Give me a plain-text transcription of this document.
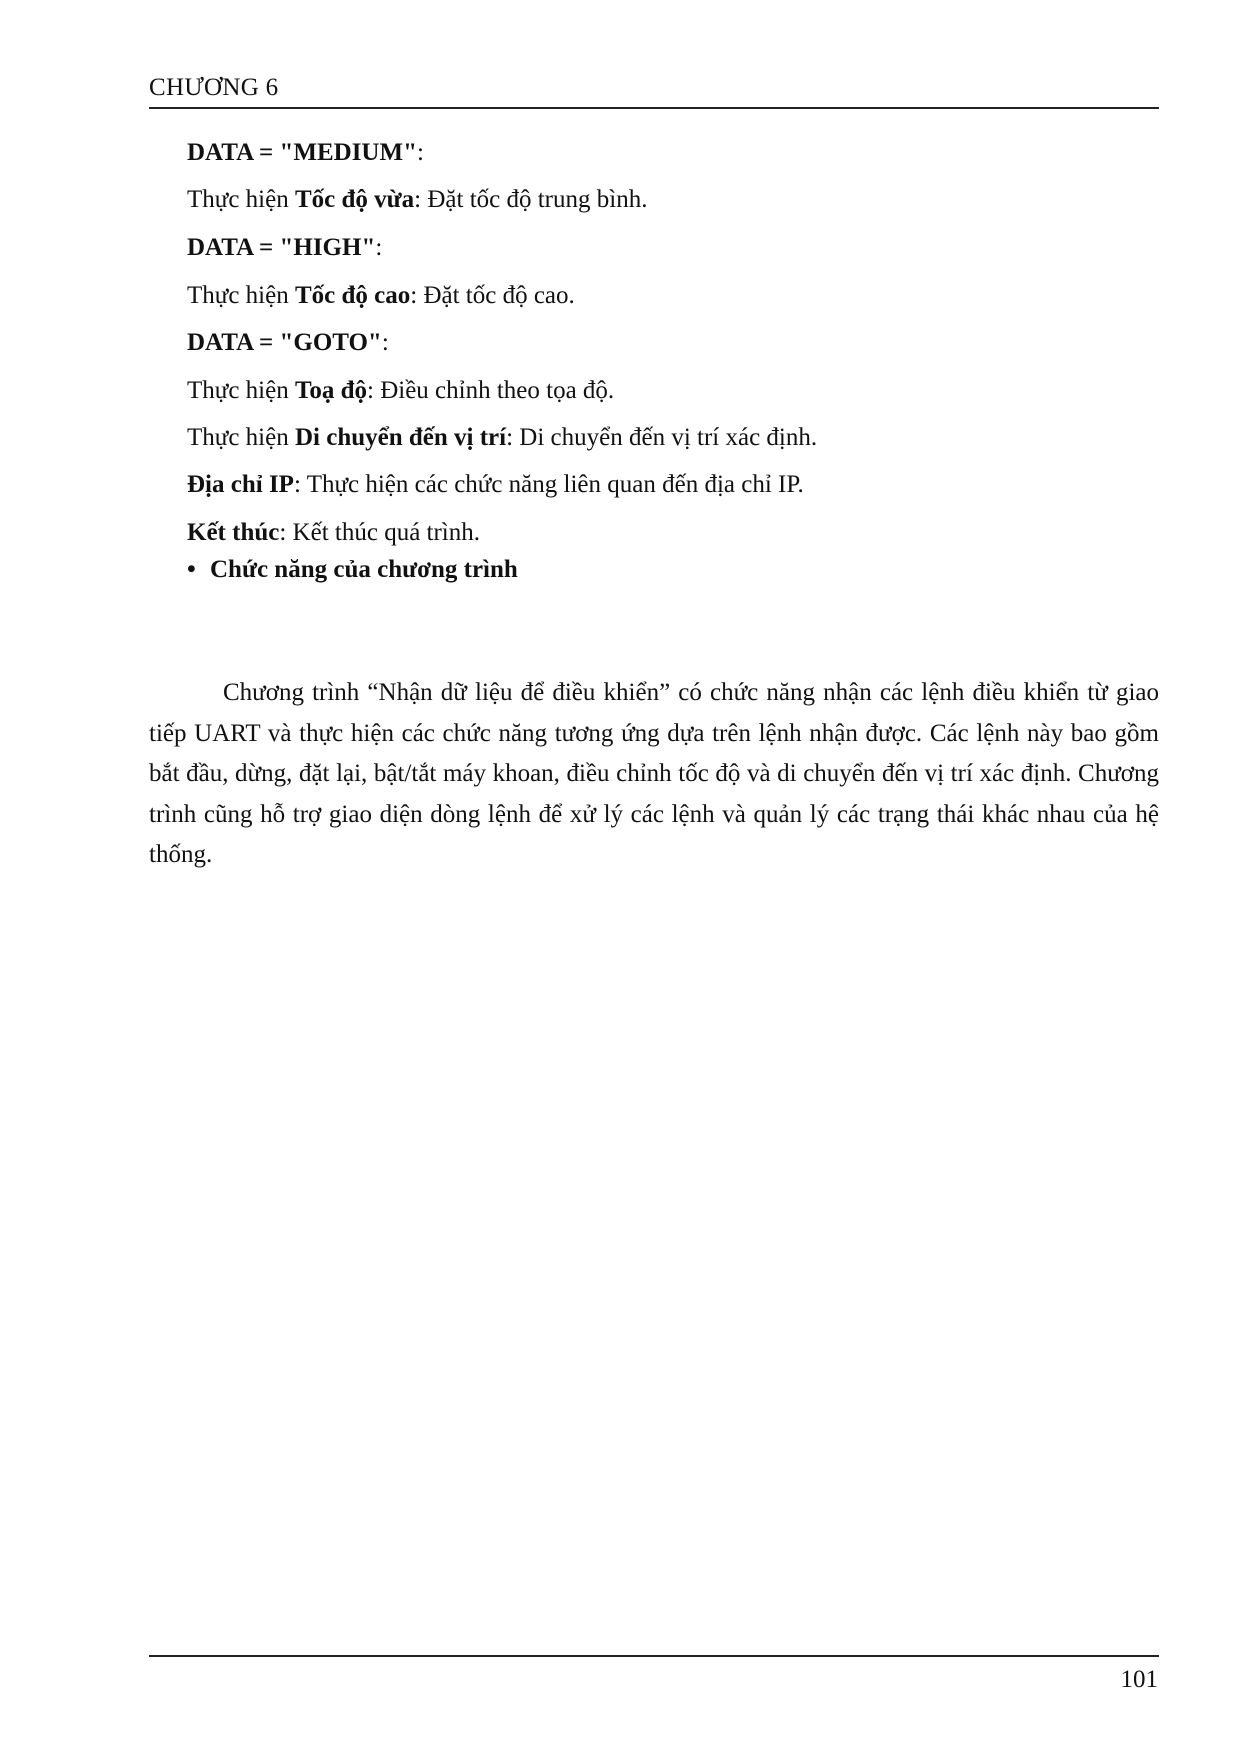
CHƯƠNG 6
DATA = "MEDIUM":
Thực hiện Tốc độ vừa: Đặt tốc độ trung bình.
DATA = "HIGH":
Thực hiện Tốc độ cao: Đặt tốc độ cao.
DATA = "GOTO":
Thực hiện Toạ độ: Điều chỉnh theo tọa độ.
Thực hiện Di chuyển đến vị trí: Di chuyển đến vị trí xác định.
Địa chỉ IP: Thực hiện các chức năng liên quan đến địa chỉ IP.
Kết thúc: Kết thúc quá trình.
• Chức năng của chương trình
Chương trình “Nhận dữ liệu để điều khiển” có chức năng nhận các lệnh điều khiển từ giao tiếp UART và thực hiện các chức năng tương ứng dựa trên lệnh nhận được. Các lệnh này bao gồm bắt đầu, dừng, đặt lại, bật/tắt máy khoan, điều chỉnh tốc độ và di chuyển đến vị trí xác định. Chương trình cũng hỗ trợ giao diện dòng lệnh để xử lý các lệnh và quản lý các trạng thái khác nhau của hệ thống.
101
